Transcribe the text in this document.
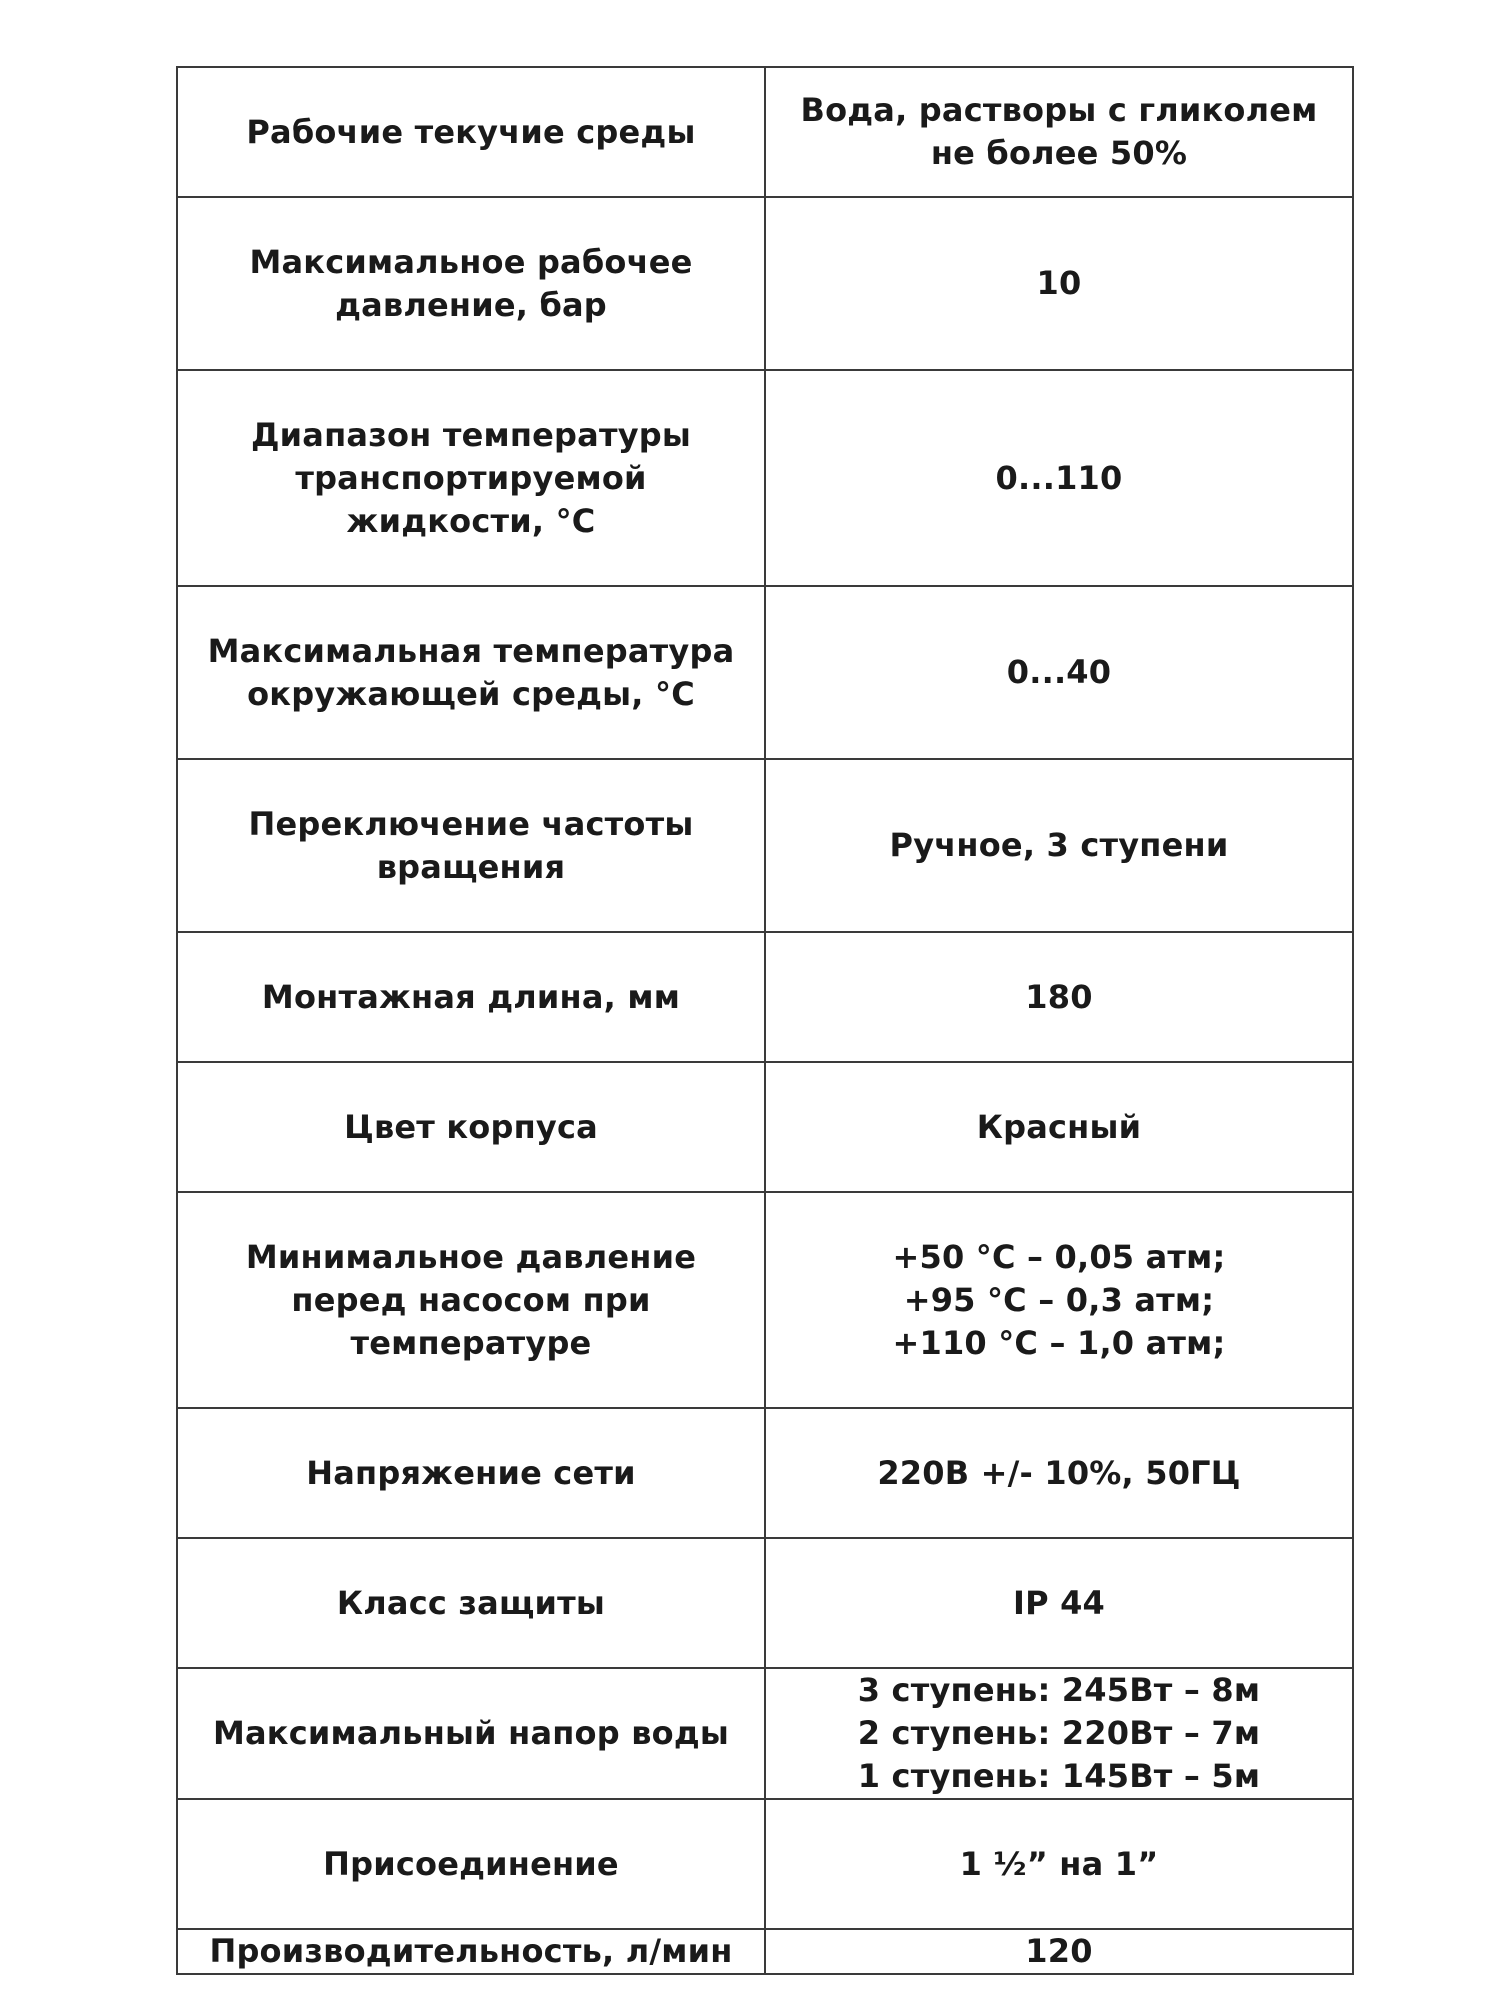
Рабочие текучие среды	Вода, растворы с гликолем
не более 50%

Максимальное рабочее
давление, бар	10

Диапазон температуры
транспортируемой
жидкости, °С	0...110

Максимальная температура
окружающей среды, °С	0...40

Переключение частоты
вращения	Ручное, 3 ступени

Монтажная длина, мм	180

Цвет корпуса	Красный

Минимальное давление
перед насосом при
температуре	+50 °С – 0,05 атм;
+95 °С – 0,3 атм;
+110 °С – 1,0 атм;

Напряжение сети	220В +/- 10%, 50ГЦ

Класс защиты	IP 44

Максимальный напор воды	3 ступень: 245Вт – 8м
2 ступень: 220Вт – 7м
1 ступень: 145Вт – 5м

Присоединение	1 ½” на 1”

Производительность, л/мин	120
